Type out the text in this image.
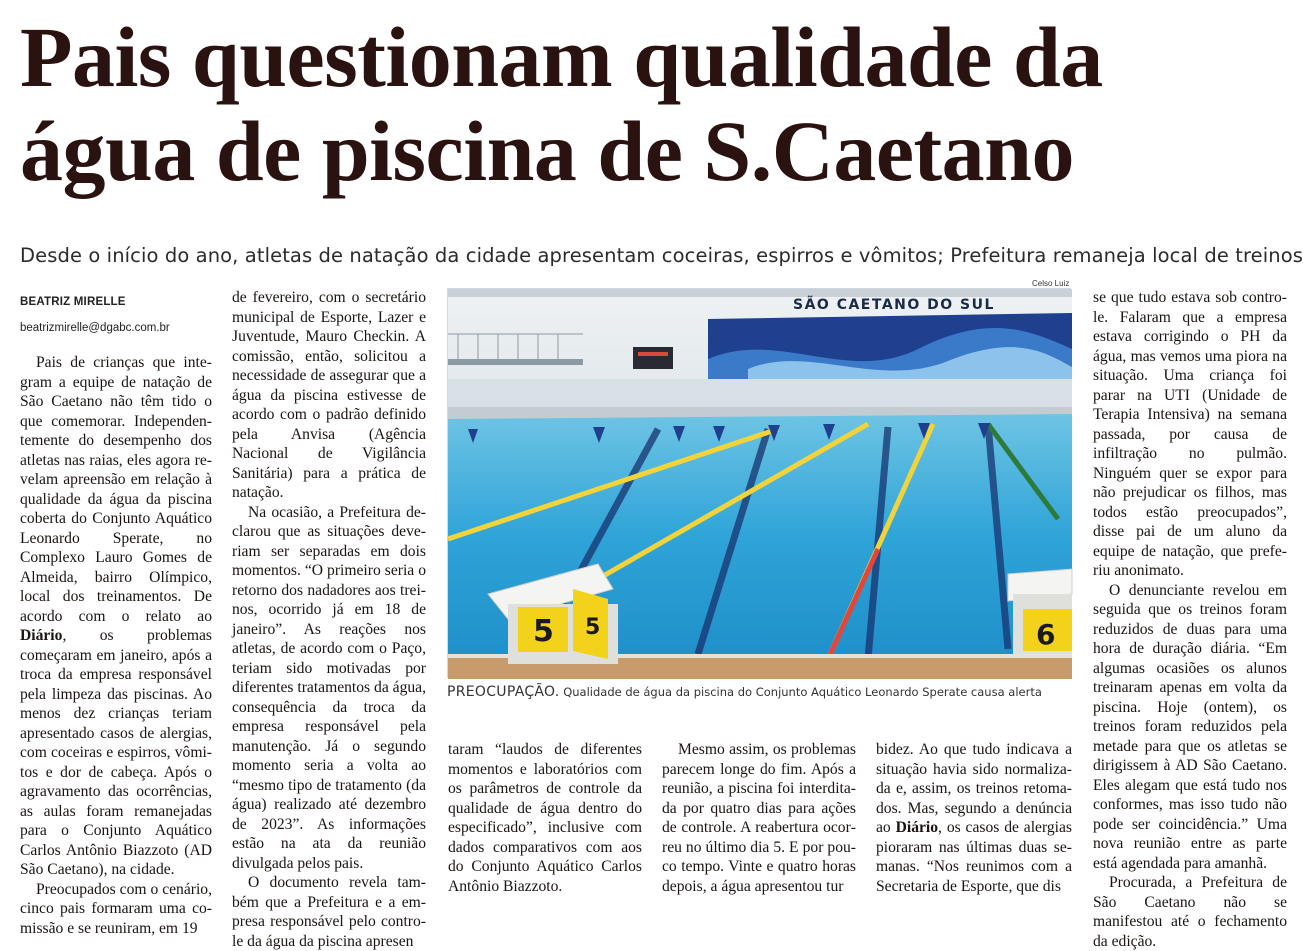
Pais questionam qualidade da
água de piscina de S.Caetano
Desde o início do ano, atletas de natação da cidade apresentam coceiras, espirros e vômitos; Prefeitura remaneja local de treinos
BEATRIZ MIRELLE
beatrizmirelle@dgabc.com.br

Pais de crianças que integram a equipe de natação de São Caetano não têm tido o que comemorar. Independentemente do desempenho dos atletas nas raias, eles agora revelam apreensão em relação à qualidade da água da piscina coberta do Conjunto Aquático Leonardo Sperate, no Complexo Lauro Gomes de Almeida, bairro Olímpico, local dos treinamentos. De acordo com o relato ao Diário, os problemas começaram em janeiro, após a troca da empresa responsável pela limpeza das piscinas. Ao menos dez crianças teriam apresentado casos de alergias, com coceiras e espirros, vômitos e dor de cabeça. Após o agravamento das ocorrências, as aulas foram remanejadas para o Conjunto Aquático Carlos Antônio Biazzoto (AD São Caetano), na cidade.

Preocupados com o cenário, cinco pais formaram uma comissão e se reuniram, em 19

de fevereiro, com o secretário municipal de Esporte, Lazer e Juventude, Mauro Checkin. A comissão, então, solicitou a necessidade de assegurar que a água da piscina estivesse de acordo com o padrão definido pela Anvisa (Agência Nacional de Vigilância Sanitária) para a prática de natação.

Na ocasião, a Prefeitura declarou que as situações deveriam ser separadas em dois momentos. “O primeiro seria o retorno dos nadadores aos treinos, ocorrido já em 18 de janeiro”. As reações nos atletas, de acordo com o Paço, teriam sido motivadas por diferentes tratamentos da água, consequência da troca da empresa responsável pela manutenção. Já o segundo momento seria a volta ao “mesmo tipo de tratamento (da água) realizado até dezembro de 2023”. As informações estão na ata da reunião divulgada pelos pais.

O documento revela também que a Prefeitura e a empresa responsável pelo controle da água da piscina apresen

Celso Luiz
SÃO CAETANO DO SUL
5 5	6
PREOCUPAÇÃO. Qualidade de água da piscina do Conjunto Aquático Leonardo Sperate causa alerta

taram “laudos de diferentes momentos e laboratórios com os parâmetros de controle da qualidade de água dentro do especificado”, inclusive com dados comparativos com aos do Conjunto Aquático Carlos Antônio Biazzoto.

Mesmo assim, os problemas parecem longe do fim. Após a reunião, a piscina foi interditada por quatro dias para ações de controle. A reabertura ocorreu no último dia 5. E por pouco tempo. Vinte e quatro horas depois, a água apresentou tur

bidez. Ao que tudo indicava a situação havia sido normalizada e, assim, os treinos retomados. Mas, segundo a denúncia ao Diário, os casos de alergias pioraram nas últimas duas semanas. “Nos reunimos com a Secretaria de Esporte, que dis

se que tudo estava sob controle. Falaram que a empresa estava corrigindo o PH da água, mas vemos uma piora na situação. Uma criança foi parar na UTI (Unidade de Terapia Intensiva) na semana passada, por causa de infiltração no pulmão. Ninguém quer se expor para não prejudicar os filhos, mas todos estão preocupados”, disse pai de um aluno da equipe de natação, que preferiu anonimato.

O denunciante revelou em seguida que os treinos foram reduzidos de duas para uma hora de duração diária. “Em algumas ocasiões os alunos treinaram apenas em volta da piscina. Hoje (ontem), os treinos foram reduzidos pela metade para que os atletas se dirigissem à AD São Caetano. Eles alegam que está tudo nos conformes, mas isso tudo não pode ser coincidência.” Uma nova reunião entre as parte está agendada para amanhã.

Procurada, a Prefeitura de São Caetano não se manifestou até o fechamento da edição.
